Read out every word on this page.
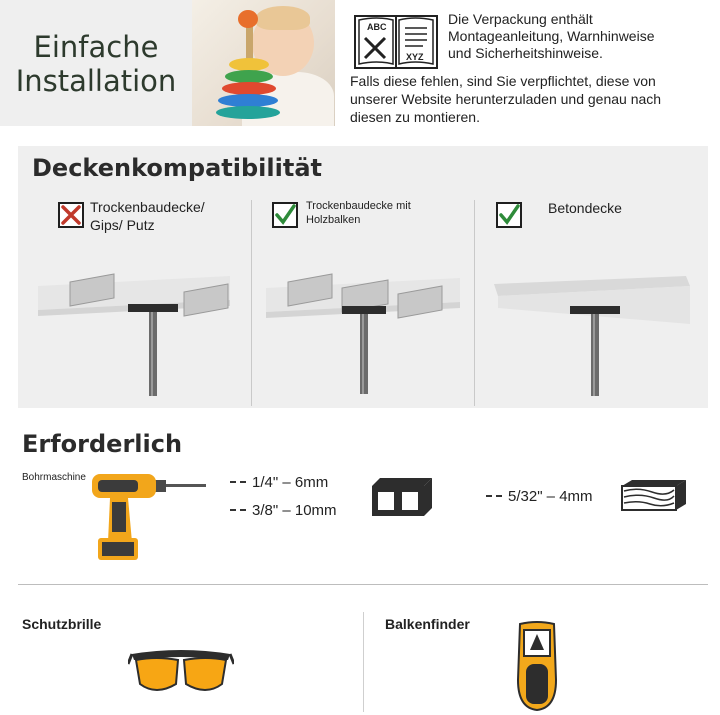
Einfache
Installation
ABC
XYZ
Die Verpackung enthält
Montageanleitung, Warnhinweise
und Sicherheitshinweise.
Falls diese fehlen, sind Sie verpflichtet, diese von
unserer Website herunterzuladen und genau nach
diesen zu montieren.
Deckenkompatibilität
Trockenbaudecke/
Gips/ Putz
Trockenbaudecke mit
Holzbalken
Betondecke
Erforderlich
Bohrmaschine	1/4" – 6mm
3/8" – 10mm
5/32" – 4mm
Schutzbrille	Balkenfinder
